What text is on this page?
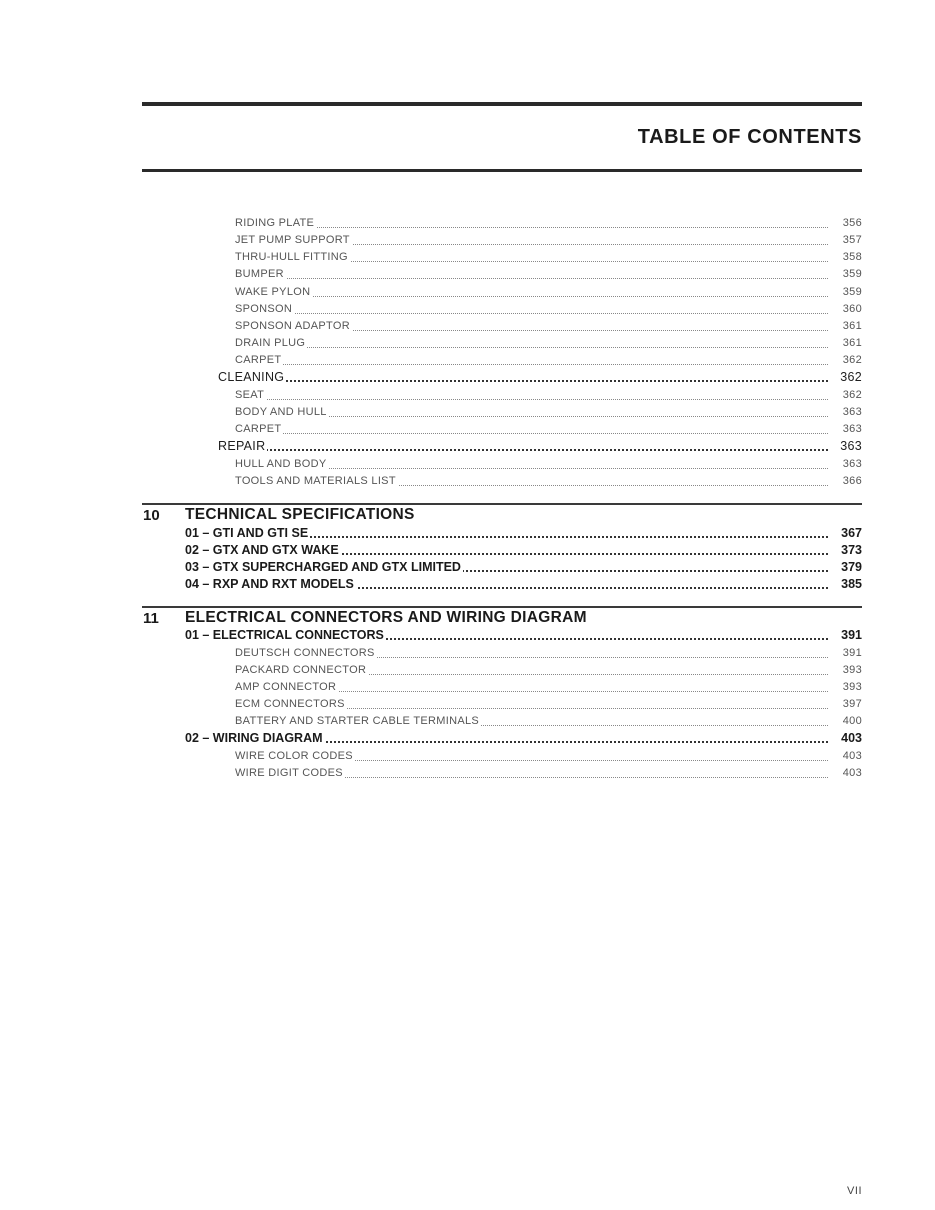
TABLE OF CONTENTS
RIDING PLATE	356
JET PUMP SUPPORT	357
THRU-HULL FITTING	358
BUMPER	359
WAKE PYLON	359
SPONSON	360
SPONSON ADAPTOR	361
DRAIN PLUG	361
CARPET	362
CLEANING	362
SEAT	362
BODY AND HULL	363
CARPET	363
REPAIR	363
HULL AND BODY	363
TOOLS AND MATERIALS LIST	366
10 TECHNICAL SPECIFICATIONS
01 – GTI AND GTI SE	367
02 – GTX AND GTX WAKE	373
03 – GTX SUPERCHARGED AND GTX LIMITED	379
04 – RXP AND RXT MODELS	385
11 ELECTRICAL CONNECTORS AND WIRING DIAGRAM
01 – ELECTRICAL CONNECTORS	391
DEUTSCH CONNECTORS	391
PACKARD CONNECTOR	393
AMP CONNECTOR	393
ECM CONNECTORS	397
BATTERY AND STARTER CABLE TERMINALS	400
02 – WIRING DIAGRAM	403
WIRE COLOR CODES	403
WIRE DIGIT CODES	403
VII
